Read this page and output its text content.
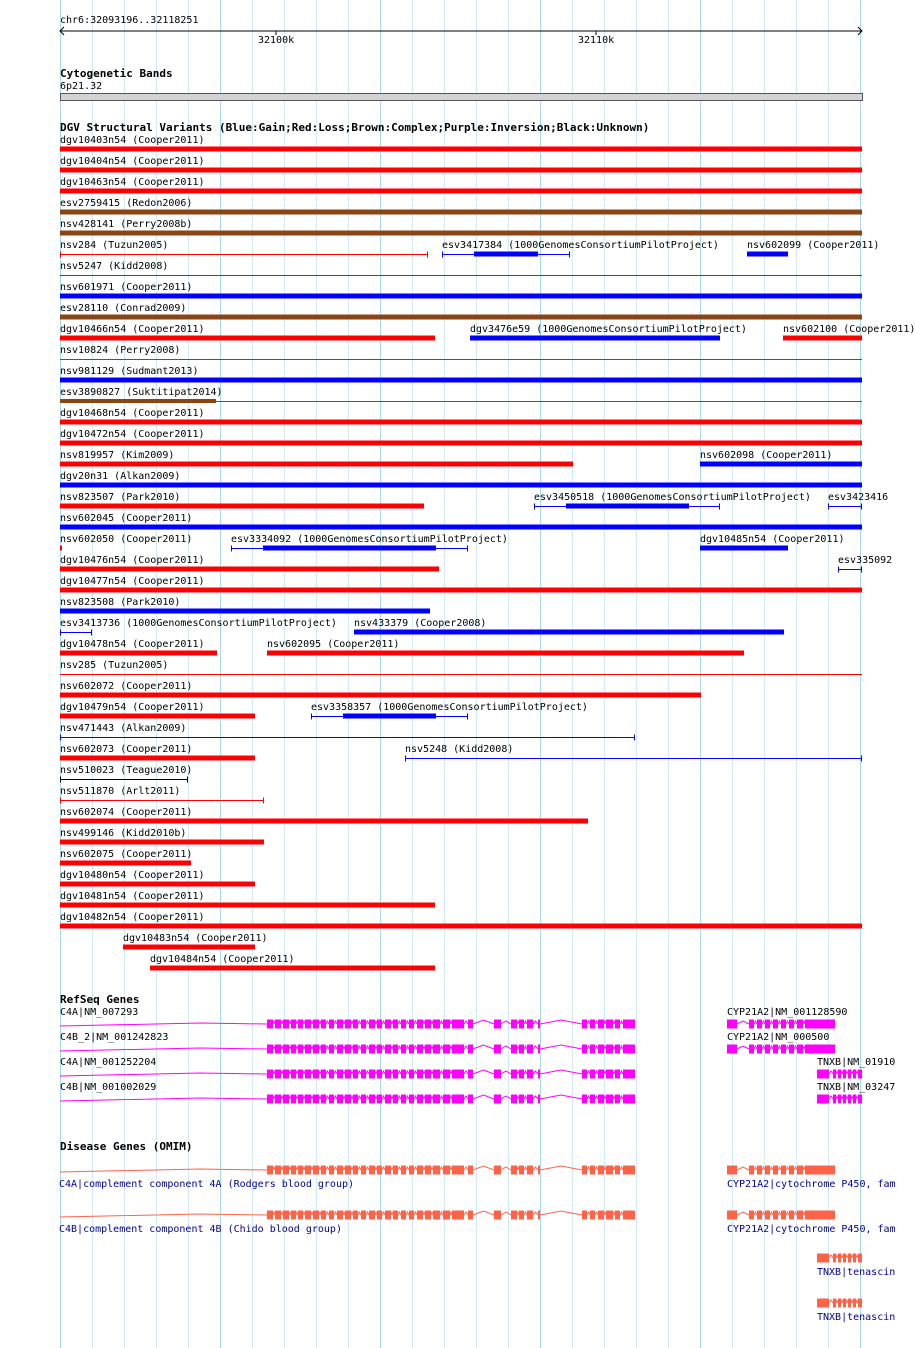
chr6:32093196..32118251
32100k	32110k
Cytogenetic Bands
6p21.32
DGV Structural Variants (Blue:Gain;Red:Loss;Brown:Complex;Purple:Inversion;Black:Unknown)
RefSeq Genes
Disease Genes (OMIM)
dgv10403n54 (Cooper2011)
dgv10404n54 (Cooper2011)
dgv10463n54 (Cooper2011)
esv2759415 (Redon2006)
nsv428141 (Perry2008b)
nsv284 (Tuzun2005)	esv3417384 (1000GenomesConsortiumPilotProject)	nsv602099 (Cooper2011)
nsv5247 (Kidd2008)
nsv601971 (Cooper2011)
esv28110 (Conrad2009)
dgv10466n54 (Cooper2011)	dgv3476e59 (1000GenomesConsortiumPilotProject)	nsv602100 (Cooper2011)
nsv10824 (Perry2008)
nsv981129 (Sudmant2013)
esv3890827 (Suktitipat2014)
dgv10468n54 (Cooper2011)
dgv10472n54 (Cooper2011)
nsv819957 (Kim2009)	nsv602098 (Cooper2011)
dgv20n31 (Alkan2009)
nsv823507 (Park2010)	esv3450518 (1000GenomesConsortiumPilotProject) esv3423416
nsv602045 (Cooper2011)
nsv602050 (Cooper2011)	esv3334092 (1000GenomesConsortiumPilotProject)	dgv10485n54 (Cooper2011)
dgv10476n54 (Cooper2011)	esv335092
dgv10477n54 (Cooper2011)
nsv823508 (Park2010)
esv3413736 (1000GenomesConsortiumPilotProject) nsv433379 (Cooper2008)
dgv10478n54 (Cooper2011)	nsv602095 (Cooper2011)
nsv285 (Tuzun2005)
nsv602072 (Cooper2011)
dgv10479n54 (Cooper2011)	esv3358357 (1000GenomesConsortiumPilotProject)
nsv471443 (Alkan2009)
nsv602073 (Cooper2011)	nsv5248 (Kidd2008)
nsv510023 (Teague2010)
nsv511870 (Arlt2011)
nsv602074 (Cooper2011)
nsv499146 (Kidd2010b)
nsv602075 (Cooper2011)
dgv10480n54 (Cooper2011)
dgv10481n54 (Cooper2011)
dgv10482n54 (Cooper2011)
dgv10483n54 (Cooper2011)
dgv10484n54 (Cooper2011)
C4A|NM_007293	CYP21A2|NM_001128590
C4B_2|NM_001242823	CYP21A2|NM_000500
C4A|NM_001252204	TNXB|NM_01910
C4B|NM_001002029	TNXB|NM_03247
C4A|complement component 4A (Rodgers blood group)	CYP21A2|cytochrome P450, fam
C4B|complement component 4B (Chido blood group)	CYP21A2|cytochrome P450, fam
TNXB|tenascin
TNXB|tenascin
